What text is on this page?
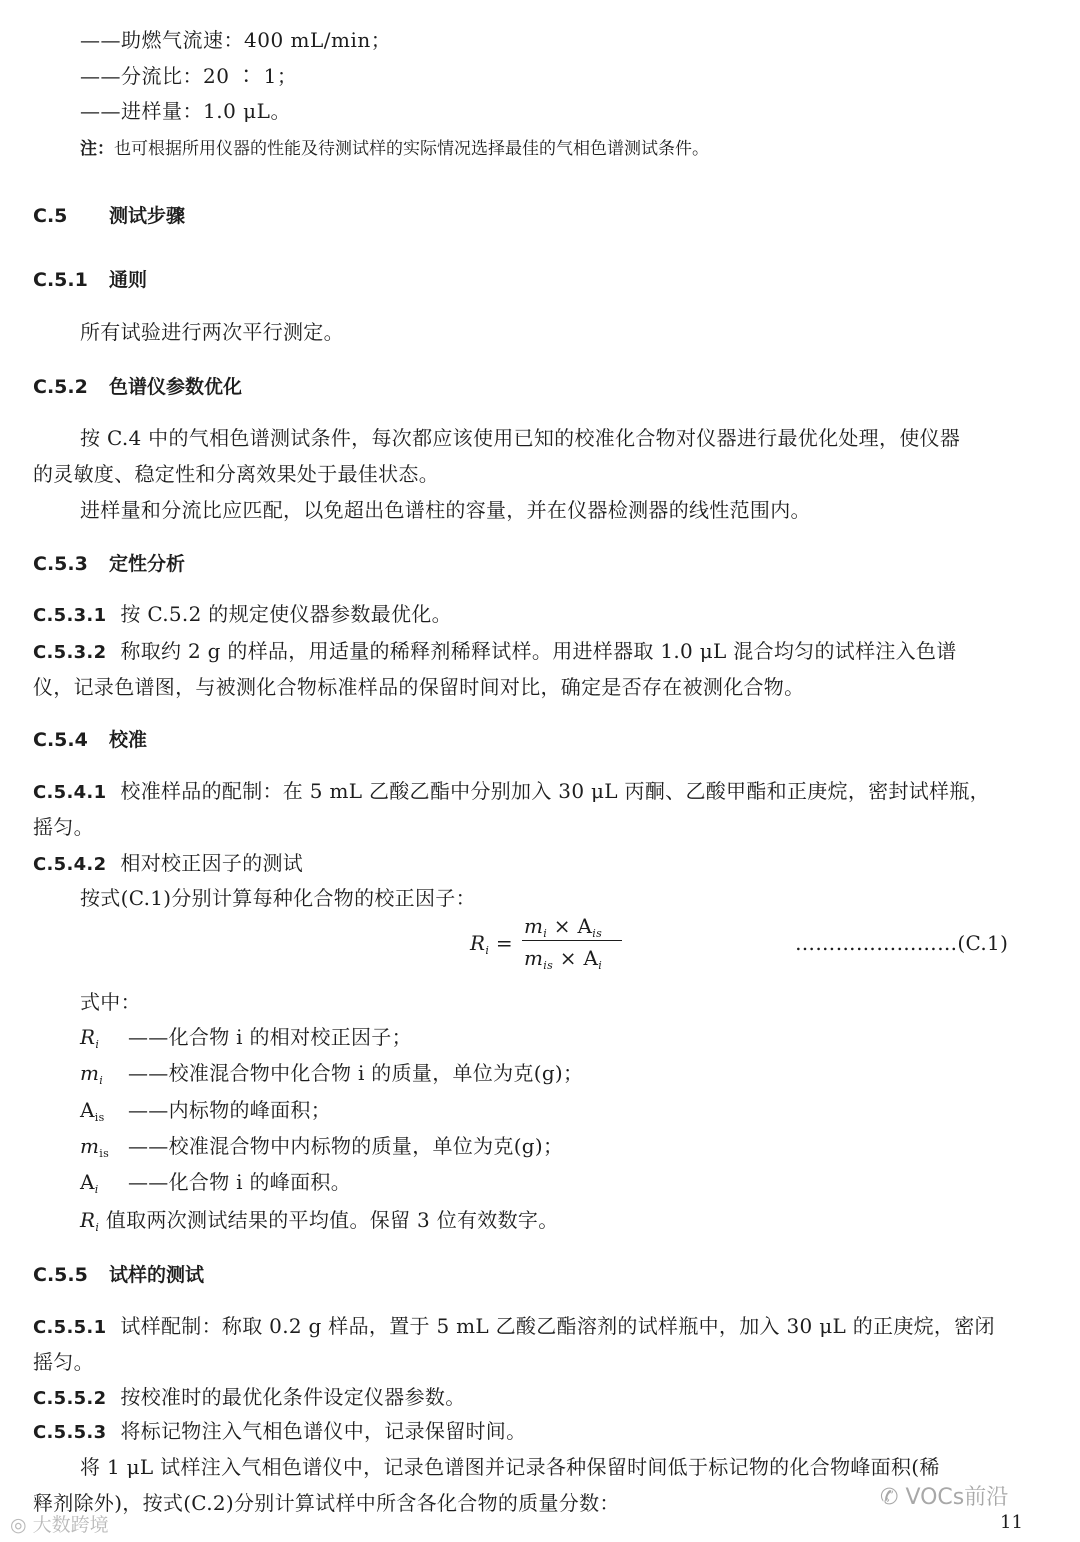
——助燃气流速：400 mL/min；
——分流比：20 ∶ 1；
——进样量：1.0 μL。
注：也可根据所用仪器的性能及待测试样的实际情况选择最佳的气相色谱测试条件。
C.5 测试步骤
C.5.1 通则
所有试验进行两次平行测定。
C.5.2 色谱仪参数优化
按 C.4 中的气相色谱测试条件，每次都应该使用已知的校准化合物对仪器进行最优化处理，使仪器
的灵敏度、稳定性和分离效果处于最佳状态。
进样量和分流比应匹配，以免超出色谱柱的容量，并在仪器检测器的线性范围内。
C.5.3 定性分析
C.5.3.1 按 C.5.2 的规定使仪器参数最优化。
C.5.3.2 称取约 2 g 的样品，用适量的稀释剂稀释试样。用进样器取 1.0 μL 混合均匀的试样注入色谱
仪，记录色谱图，与被测化合物标准样品的保留时间对比，确定是否存在被测化合物。
C.5.4 校准
C.5.4.1 校准样品的配制：在 5 mL 乙酸乙酯中分别加入 30 μL 丙酮、乙酸甲酯和正庚烷，密封试样瓶，
摇匀。
C.5.4.2 相对校正因子的测试
按式(C.1)分别计算每种化合物的校正因子：
$R_i$ =
$m_i \times A_{is}$
$m_{is} \times A_i$
……………………(C.1)
式中：
$R_i$ ——化合物 i 的相对校正因子；
$m_i$ ——校准混合物中化合物 i 的质量，单位为克(g)；
$A_{is}$ ——内标物的峰面积；
$m_{is}$ ——校准混合物中内标物的质量，单位为克(g)；
$A_i$ ——化合物 i 的峰面积。
$R_i$ 值取两次测试结果的平均值。保留 3 位有效数字。
C.5.5 试样的测试
C.5.5.1 试样配制：称取 0.2 g 样品，置于 5 mL 乙酸乙酯溶剂的试样瓶中，加入 30 μL 的正庚烷，密闭
摇匀。
C.5.5.2 按校准时的最优化条件设定仪器参数。
C.5.5.3 将标记物注入气相色谱仪中，记录保留时间。
将 1 μL 试样注入气相色谱仪中，记录色谱图并记录各种保留时间低于标记物的化合物峰面积(稀
释剂除外)，按式(C.2)分别计算试样中所含各化合物的质量分数：
11
◎ 大数跨境
✆ VOCs前沿
